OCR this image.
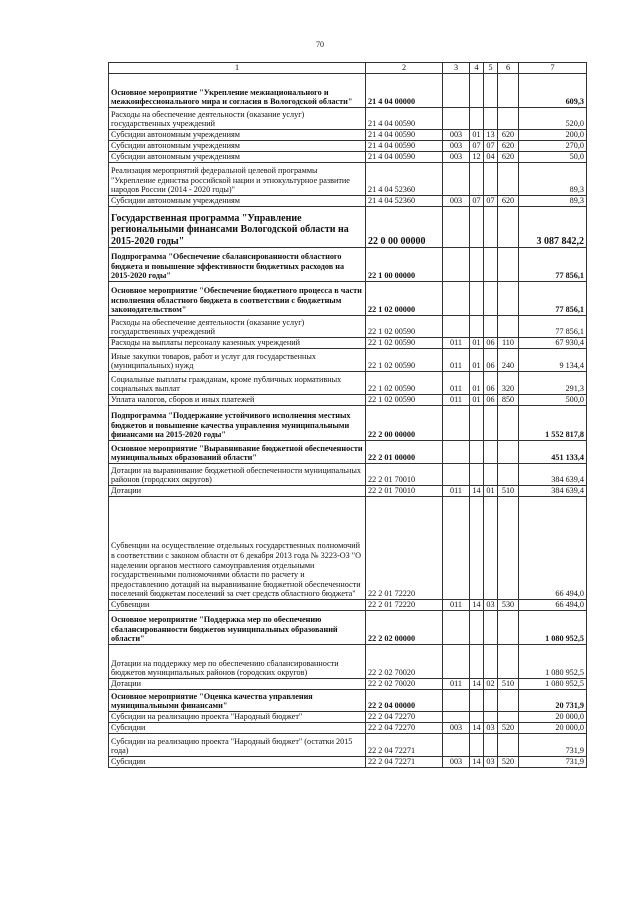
70
1	2	3	4	5	6	7
Основное мероприятие "Укрепление межнационального и межконфессионального мира и согласия в Вологодской области"	21 4 04 00000					609,3
Расходы на обеспечение деятельности (оказание услуг) государственных учреждений	21 4 04 00590					520,0
Субсидии автономным учреждениям	21 4 04 00590	003	01	13	620	200,0
Субсидии автономным учреждениям	21 4 04 00590	003	07	07	620	270,0
Субсидии автономным учреждениям	21 4 04 00590	003	12	04	620	50,0
Реализация мероприятий федеральной целевой программы "Укрепление единства российской нации и этнокультурное развитие народов России (2014 - 2020 годы)"	21 4 04 52360					89,3
Субсидии автономным учреждениям	21 4 04 52360	003	07	07	620	89,3
Государственная программа "Управление региональными финансами Вологодской области на 2015-2020 годы"	22 0 00 00000					3 087 842,2
Подпрограмма "Обеспечение сбалансированности областного бюджета и повышение эффективности бюджетных расходов на 2015-2020 годы"	22 1 00 00000					77 856,1
Основное мероприятие "Обеспечение бюджетного процесса в части исполнения областного бюджета в соответствии с бюджетным законодательством"	22 1 02 00000					77 856,1
Расходы на обеспечение деятельности (оказание услуг) государственных учреждений	22 1 02 00590					77 856,1
Расходы на выплаты персоналу казенных учреждений	22 1 02 00590	011	01	06	110	67 930,4
Иные закупки товаров, работ и услуг для государственных (муниципальных) нужд	22 1 02 00590	011	01	06	240	9 134,4
Социальные выплаты гражданам, кроме публичных нормативных социальных выплат	22 1 02 00590	011	01	06	320	291,3
Уплата налогов, сборов и иных платежей	22 1 02 00590	011	01	06	850	500,0
Подпрограмма "Поддержание устойчивого исполнения местных бюджетов и повышение качества управления муниципальными финансами на 2015-2020 годы"	22 2 00 00000					1 552 817,8
Основное мероприятие "Выравнивание бюджетной обеспеченности муниципальных образований области"	22 2 01 00000					451 133,4
Дотации на выравнивание бюджетной обеспеченности муниципальных районов (городских округов)	22 2 01 70010					384 639,4
Дотации	22 2 01 70010	011	14	01	510	384 639,4
Субвенции на осуществление отдельных государственных полномочий в соответствии с законом области от 6 декабря 2013 года № 3223-ОЗ "О наделении органов местного самоуправления отдельными государственными полномочиями области по расчету и предоставлению дотаций на выравнивание бюджетной обеспеченности поселений бюджетам поселений за счет средств областного бюджета"	22 2 01 72220					66 494,0
Субвенции	22 2 01 72220	011	14	03	530	66 494,0
Основное мероприятие "Поддержка мер по обеспечению сбалансированности бюджетов муниципальных образований области"	22 2 02 00000					1 080 952,5
Дотации на поддержку мер по обеспечению сбалансированности бюджетов муниципальных районов (городских округов)	22 2 02 70020					1 080 952,5
Дотации	22 2 02 70020	011	14	02	510	1 080 952,5
Основное мероприятие "Оценка качества управления муниципальными финансами"	22 2 04 00000					20 731,9
Субсидии на реализацию проекта "Народный бюджет"	22 2 04 72270					20 000,0
Субсидии	22 2 04 72270	003	14	03	520	20 000,0
Субсидии на реализацию проекта "Народный бюджет" (остатки 2015 года)	22 2 04 72271					731,9
Субсидии	22 2 04 72271	003	14	03	520	731,9
